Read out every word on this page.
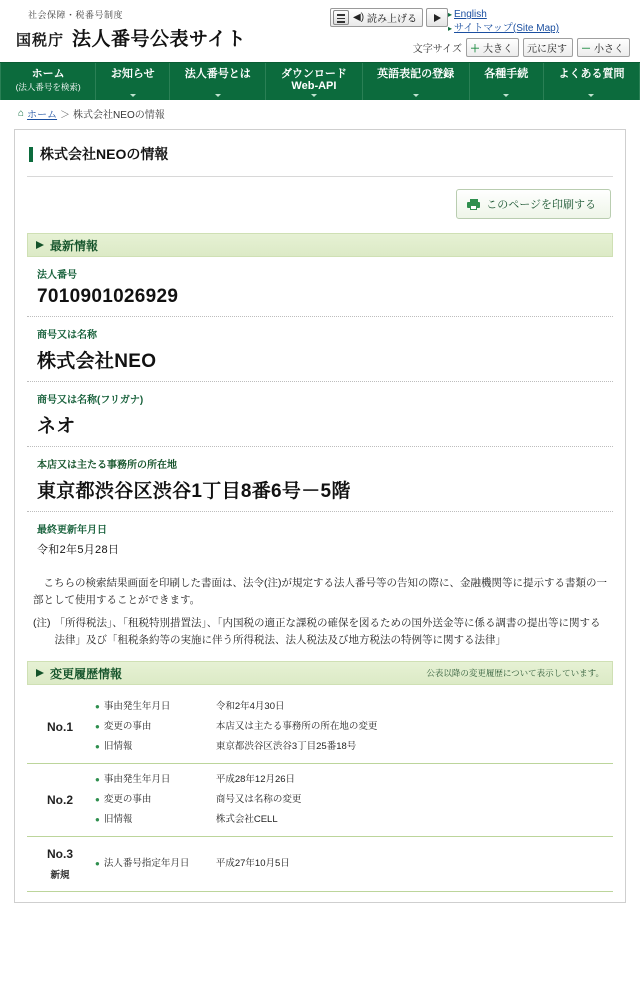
社会保障・税番号制度
国税庁 法人番号公表サイト
◀) 読み上げる	▸ English
▸ サイトマップ(Site Map)
文字サイズ ＋ 大きく 元に戻す － 小さく
ホーム
(法人番号を検索)
お知らせ	法人番号とは	ダウンロード
Web-API
英語表記の登録	各種手続	よくある質問
⌂ ホーム ＞ 株式会社NEOの情報
株式会社NEOの情報
このページを印刷する
最新情報
法人番号
7010901026929
商号又は名称
株式会社NEO
商号又は名称(フリガナ)
ネオ
本店又は主たる事務所の所在地
東京都渋谷区渋谷1丁目8番6号－5階
最終更新年月日
令和2年5月28日
こちらの検索結果画面を印刷した書面は、法令(注)が規定する法人番号等の告知の際に、金融機関等に提示する書類の一部として使用することができます。
(注) 「所得税法」、「租税特別措置法」、「内国税の適正な課税の確保を図るための国外送金等に係る調書の提出等に関する法律」及び「租税条約等の実施に伴う所得税法、法人税法及び地方税法の特例等に関する法律」
変更履歴情報	公表以降の変更履歴について表示しています。
No.1	
● 事由発生年月日	令和2年4月30日
● 変更の事由	本店又は主たる事務所の所在地の変更
● 旧情報	東京都渋谷区渋谷3丁目25番18号

No.2	
● 事由発生年月日	平成28年12月26日
● 変更の事由	商号又は名称の変更
● 旧情報	株式会社CELL

No.3
新規	● 法人番号指定年月日 平成27年10月5日
